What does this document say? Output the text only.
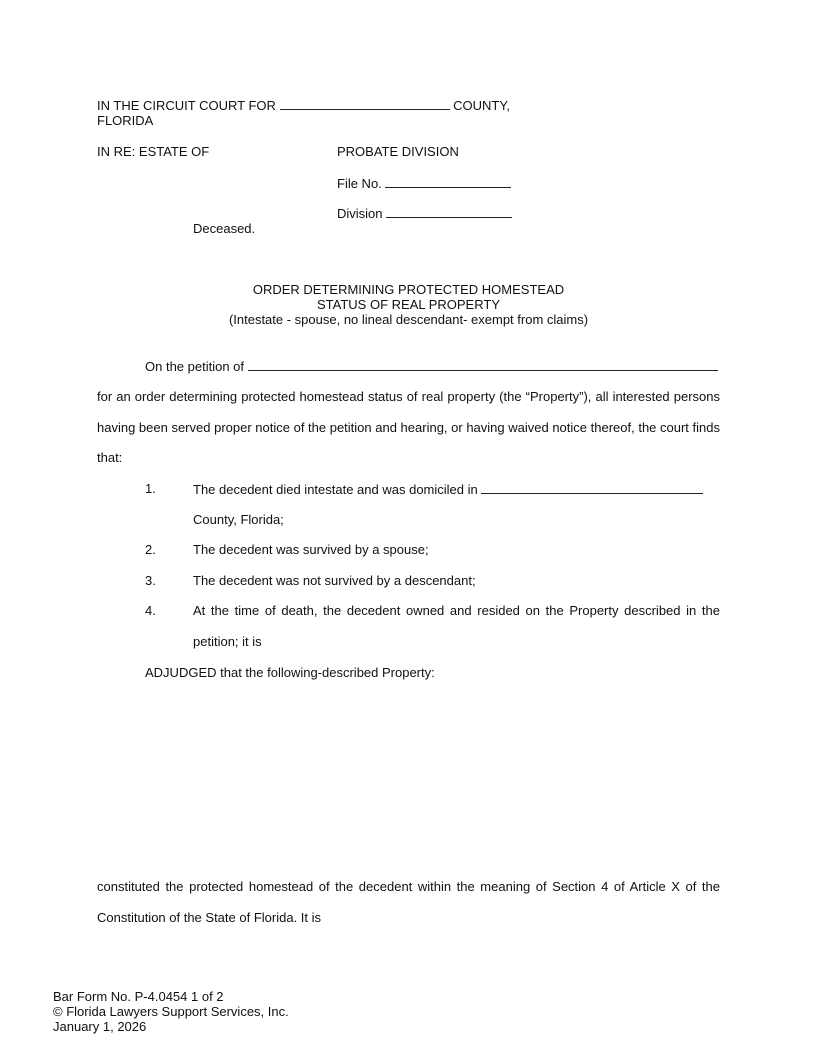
IN THE CIRCUIT COURT FOR	COUNTY,
FLORIDA
IN RE: ESTATE OF	PROBATE DIVISION
File No.
Division
Deceased.
ORDER DETERMINING PROTECTED HOMESTEAD
STATUS OF REAL PROPERTY
(Intestate - spouse, no lineal descendant- exempt from claims)
On the petition of
for an order determining protected homestead status of real property (the “Property”), all interested persons
having been served proper notice of the petition and hearing, or having waived notice thereof, the court finds
that:
1.	The decedent died intestate and was domiciled in
County, Florida;
2.	The decedent was survived by a spouse;
3.	The decedent was not survived by a descendant;
4.	At the time of death, the decedent owned and resided on the Property described in the
petition; it is
ADJUDGED that the following-described Property:
constituted the protected homestead of the decedent within the meaning of Section 4 of Article X of the
Constitution of the State of Florida. It is
Bar Form No. P-4.0454 1 of 2
© Florida Lawyers Support Services, Inc.
January 1, 2026
